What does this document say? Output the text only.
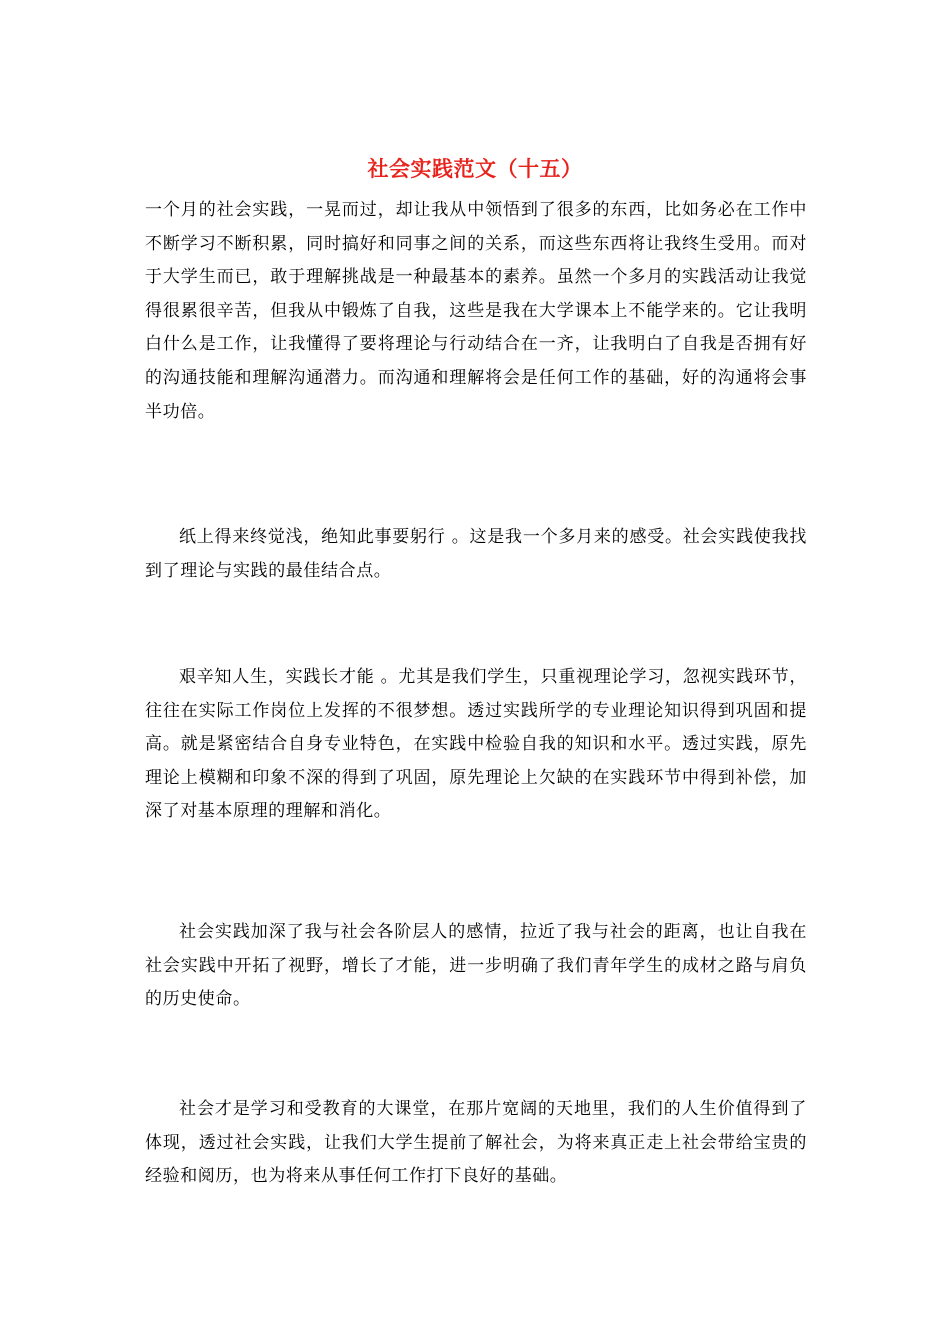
社会实践范文（十五）

一个月的社会实践，一晃而过，却让我从中领悟到了很多的东西，比如务必在工作中不断学习不断积累，同时搞好和同事之间的关系，而这些东西将让我终生受用。而对于大学生而已，敢于理解挑战是一种最基本的素养。虽然一个多月的实践活动让我觉得很累很辛苦，但我从中锻炼了自我，这些是我在大学课本上不能学来的。它让我明白什么是工作，让我懂得了要将理论与行动结合在一齐，让我明白了自我是否拥有好的沟通技能和理解沟通潜力。而沟通和理解将会是任何工作的基础，好的沟通将会事半功倍。

纸上得来终觉浅，绝知此事要躬行 。这是我一个多月来的感受。社会实践使我找到了理论与实践的最佳结合点。

艰辛知人生，实践长才能 。尤其是我们学生，只重视理论学习，忽视实践环节，往往在实际工作岗位上发挥的不很梦想。透过实践所学的专业理论知识得到巩固和提高。就是紧密结合自身专业特色，在实践中检验自我的知识和水平。透过实践，原先理论上模糊和印象不深的得到了巩固，原先理论上欠缺的在实践环节中得到补偿，加深了对基本原理的理解和消化。

社会实践加深了我与社会各阶层人的感情，拉近了我与社会的距离，也让自我在社会实践中开拓了视野，增长了才能，进一步明确了我们青年学生的成材之路与肩负的历史使命。

社会才是学习和受教育的大课堂，在那片宽阔的天地里，我们的人生价值得到了体现，透过社会实践，让我们大学生提前了解社会，为将来真正走上社会带给宝贵的经验和阅历，也为将来从事任何工作打下良好的基础。
